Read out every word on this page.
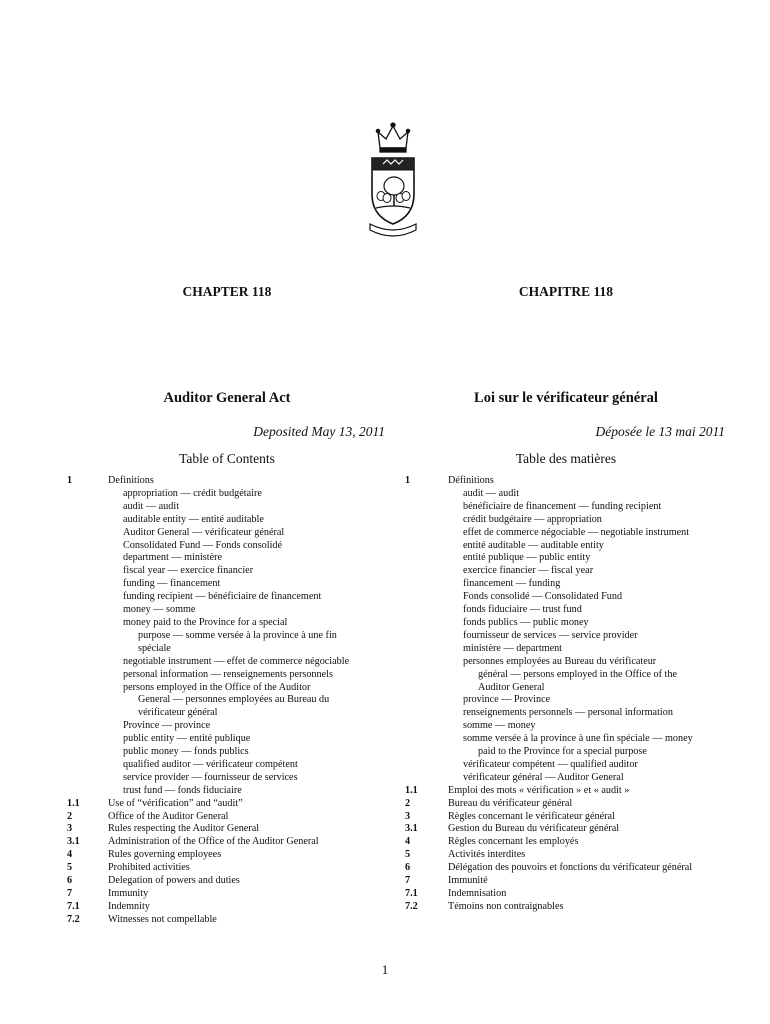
CHAPTER 118	CHAPITRE 118
Auditor General Act	Loi sur le vérificateur général
Deposited May 13, 2011	Déposée le 13 mai 2011
Table of Contents	Table des matières
1	Definitions
appropriation — crédit budgétaire
audit — audit
auditable entity — entité auditable
Auditor General — vérificateur général
Consolidated Fund — Fonds consolidé
department — ministère
fiscal year — exercice financier
funding — financement
funding recipient — bénéficiaire de financement
money — somme
money paid to the Province for a special
purpose — somme versée à la province à une fin
spéciale
negotiable instrument — effet de commerce négociable
personal information — renseignements personnels
persons employed in the Office of the Auditor
General — personnes employées au Bureau du
vérificateur général
Province — province
public entity — entité publique
public money — fonds publics
qualified auditor — vérificateur compétent
service provider — fournisseur de services
trust fund — fonds fiduciaire
1.1	Use of “vérification” and “audit”
2	Office of the Auditor General
3	Rules respecting the Auditor General
3.1	Administration of the Office of the Auditor General
4	Rules governing employees
5	Prohibited activities
6	Delegation of powers and duties
7	Immunity
7.1	Indemnity
7.2	Witnesses not compellable
1	Définitions
audit — audit
bénéficiaire de financement — funding recipient
crédit budgétaire — appropriation
effet de commerce négociable — negotiable instrument
entité auditable — auditable entity
entité publique — public entity
exercice financier — fiscal year
financement — funding
Fonds consolidé — Consolidated Fund
fonds fiduciaire — trust fund
fonds publics — public money
fournisseur de services — service provider
ministère — department
personnes employées au Bureau du vérificateur
général — persons employed in the Office of the
Auditor General
province — Province
renseignements personnels — personal information
somme — money
somme versée à la province à une fin spéciale — money
paid to the Province for a special purpose
vérificateur compétent — qualified auditor
vérificateur général — Auditor General
1.1	Emploi des mots « vérification » et « audit »
2	Bureau du vérificateur général
3	Règles concernant le vérificateur général
3.1	Gestion du Bureau du vérificateur général
4	Règles concernant les employés
5	Activités interdites
6	Délégation des pouvoirs et fonctions du vérificateur général
7	Immunité
7.1	Indemnisation
7.2	Témoins non contraignables
1
